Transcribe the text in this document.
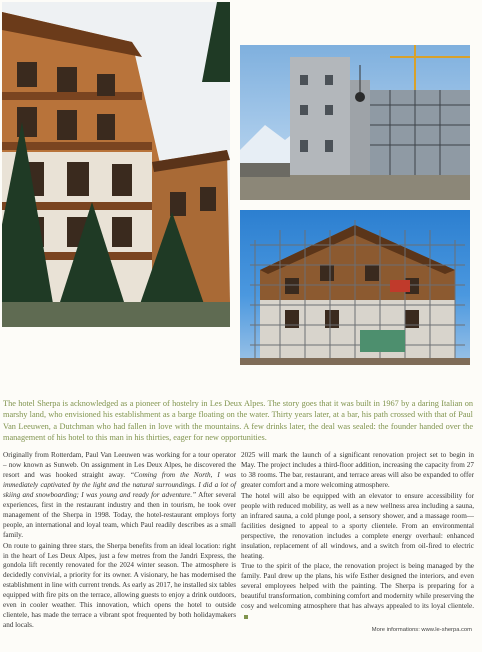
The hotel Sherpa is acknowledged as a pioneer of hostelry in Les Deux Alpes. The story goes that it was built in 1967 by a daring Italian on marshy land, who envisioned his establishment as a barge floating on the water. Thirty years later, at a bar, his path crossed with that of Paul Van Leeuwen, a Dutchman who had fallen in love with the mountains. A few drinks later, the deal was sealed: the founder handed over the management of his hotel to this man in his thirties, eager for new opportunities.

Originally from Rotterdam, Paul Van Leeuwen was working for a tour operator – now known as Sunweb. On assignment in Les Deux Alpes, he discovered the resort and was hooked straight away. “Coming from the North, I was immediately captivated by the light and the natural surroundings. I did a lot of skiing and snowboarding; I was young and ready for adventure.” After several experiences, first in the restaurant industry and then in tourism, he took over management of the Sherpa in 1998. Today, the hotel-restaurant employs forty people, an international and loyal team, which Paul readily describes as a small family.

On route to gaining three stars, the Sherpa benefits from an ideal location: right in the heart of Les Deux Alpes, just a few metres from the Jandri Express, the gondola lift recently renovated for the 2024 winter season. The atmosphere is decidedly convivial, a priority for its owner. A visionary, he has modernised the establishment in line with current trends. As early as 2017, he installed six tables equipped with fire pits on the terrace, allowing guests to enjoy a drink outdoors, even in cooler weather. This innovation, which opens the hotel to outside clientele, has made the terrace a vibrant spot frequented by both holidaymakers and locals.

2025 will mark the launch of a significant renovation project set to begin in May. The project includes a third-floor addition, increasing the capacity from 27 to 38 rooms. The bar, restaurant, and terrace areas will also be expanded to offer greater comfort and a more welcoming atmosphere.

The hotel will also be equipped with an elevator to ensure accessibility for people with reduced mobility, as well as a new wellness area including a sauna, an infrared sauna, a cold plunge pool, a sensory shower, and a massage room—facilities designed to appeal to a sporty clientele. From an environmental perspective, the renovation includes a complete energy overhaul: enhanced insulation, replacement of all windows, and a switch from oil-fired to electric heating.

True to the spirit of the place, the renovation project is being managed by the family. Paul drew up the plans, his wife Esther designed the interiors, and even several employees helped with the painting. The Sherpa is preparing for a beautiful transformation, combining comfort and modernity while preserving the cosy and welcoming atmosphere that has always appealed to its loyal clientele.

More informations: www.le-sherpa.com
